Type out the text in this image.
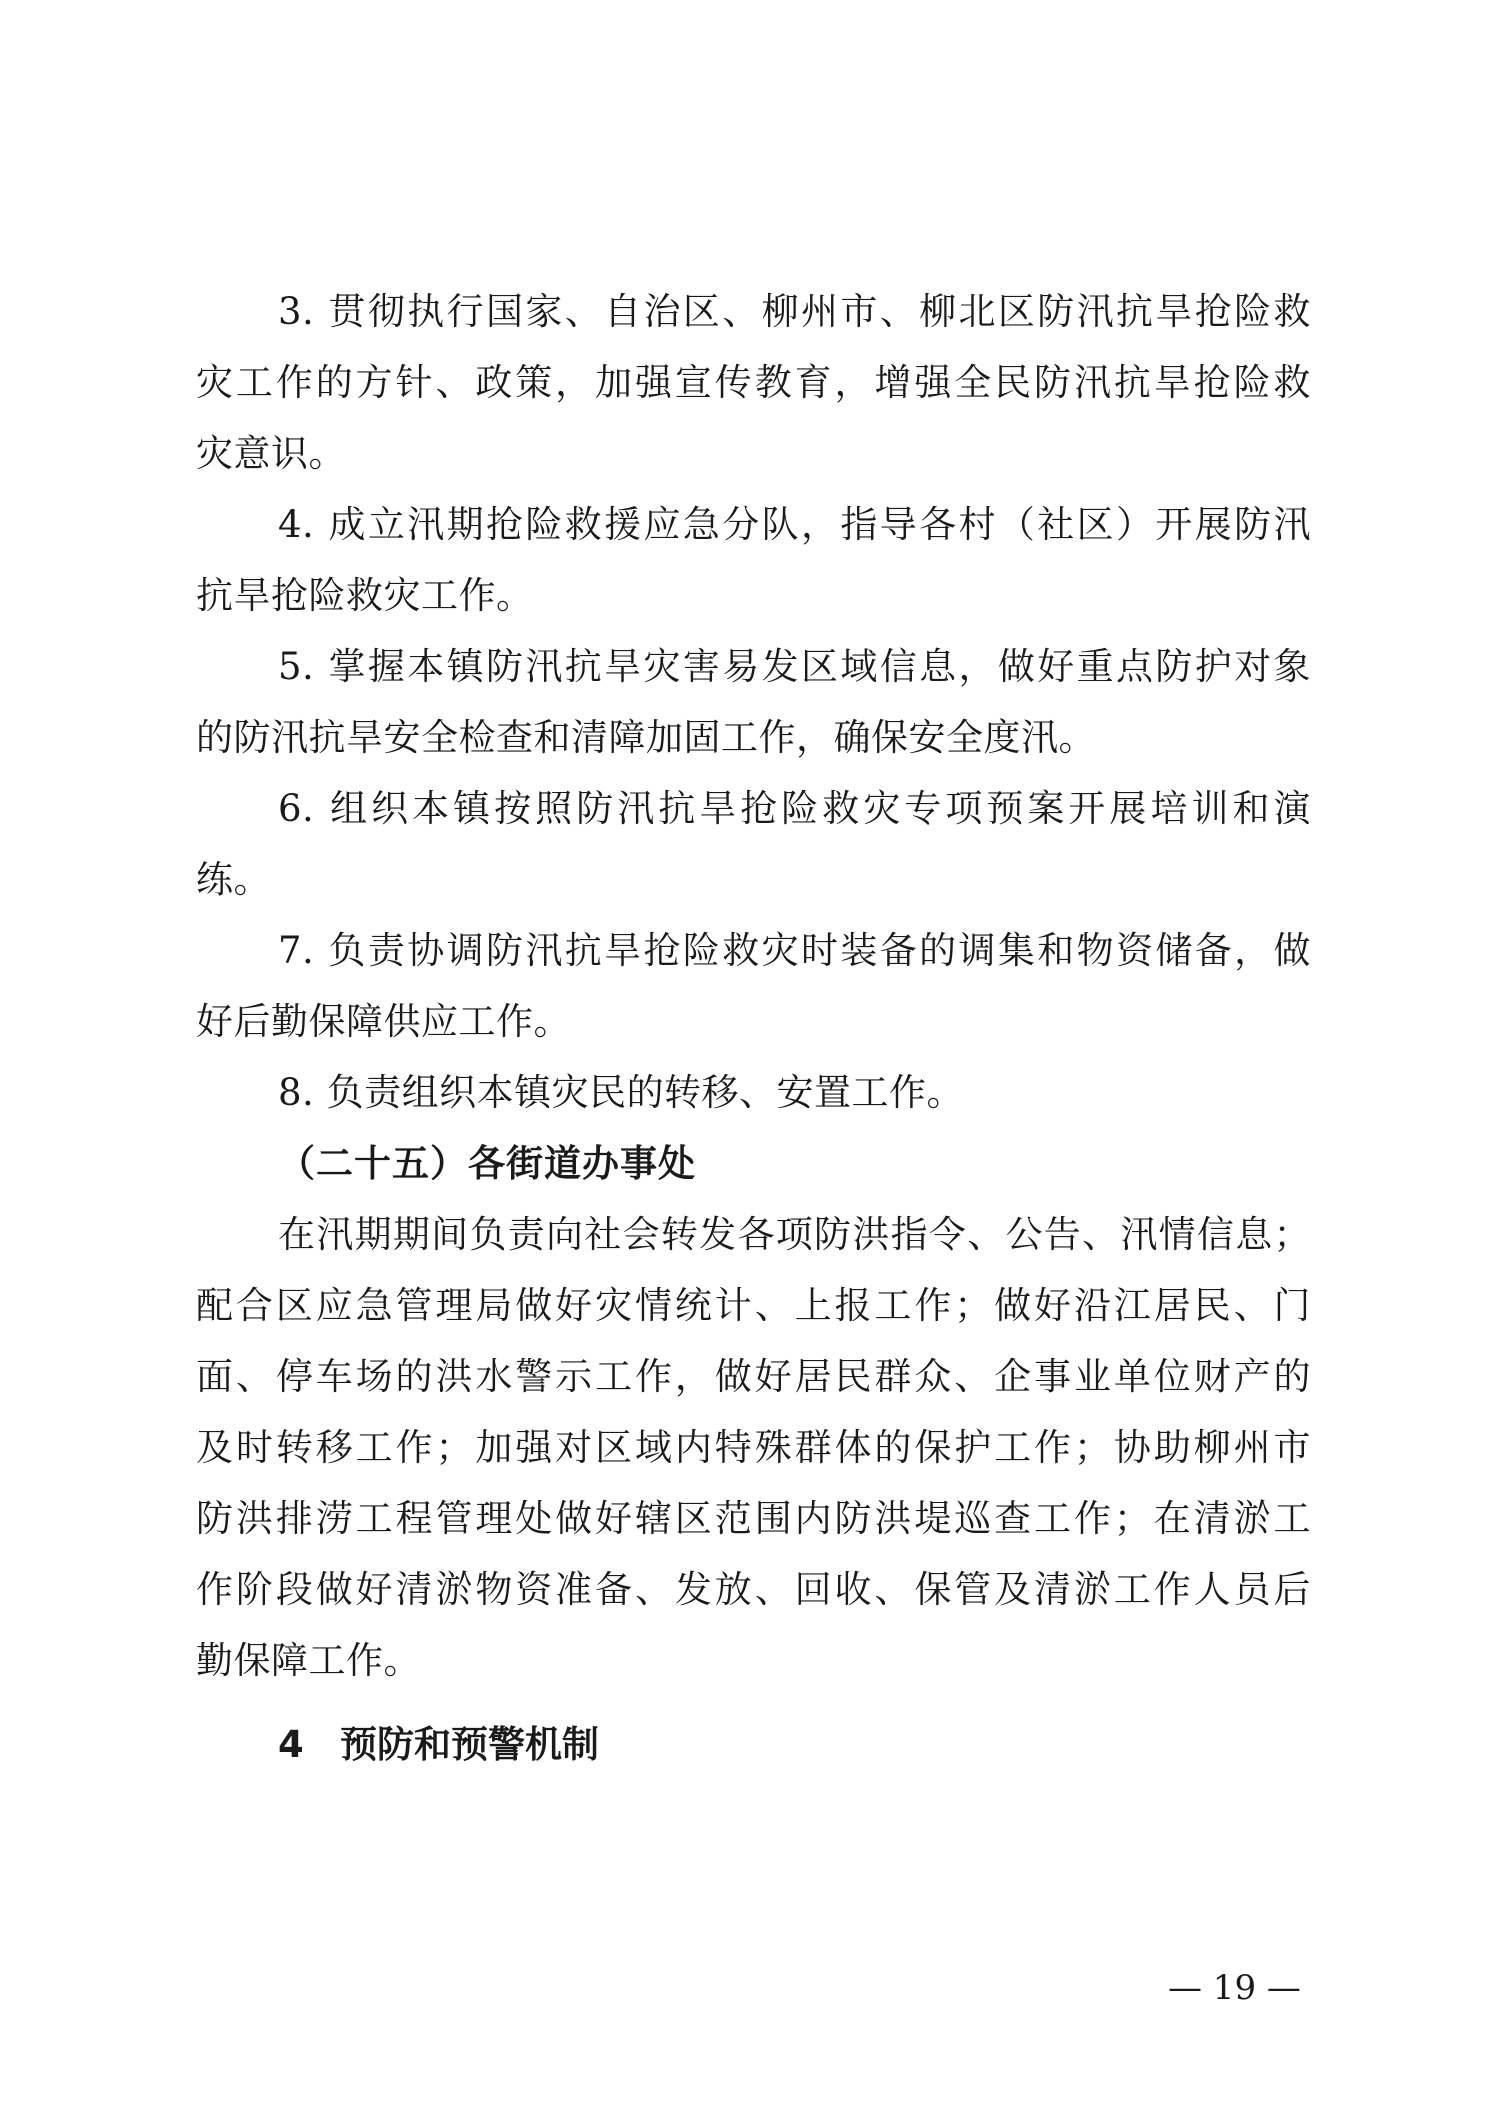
3. 贯彻执行国家、自治区、柳州市、柳北区防汛抗旱抢险救
灾工作的方针、政策，加强宣传教育，增强全民防汛抗旱抢险救
灾意识。
4. 成立汛期抢险救援应急分队，指导各村（社区）开展防汛
抗旱抢险救灾工作。
5. 掌握本镇防汛抗旱灾害易发区域信息，做好重点防护对象
的防汛抗旱安全检查和清障加固工作，确保安全度汛。
6. 组织本镇按照防汛抗旱抢险救灾专项预案开展培训和演
练。
7. 负责协调防汛抗旱抢险救灾时装备的调集和物资储备，做
好后勤保障供应工作。
8. 负责组织本镇灾民的转移、安置工作。
（二十五）各街道办事处
在汛期期间负责向社会转发各项防洪指令、公告、汛情信息；
配合区应急管理局做好灾情统计、上报工作；做好沿江居民、门
面、停车场的洪水警示工作，做好居民群众、企事业单位财产的
及时转移工作；加强对区域内特殊群体的保护工作；协助柳州市
防洪排涝工程管理处做好辖区范围内防洪堤巡查工作；在清淤工
作阶段做好清淤物资准备、发放、回收、保管及清淤工作人员后
勤保障工作。
4 预防和预警机制
— 19 —
